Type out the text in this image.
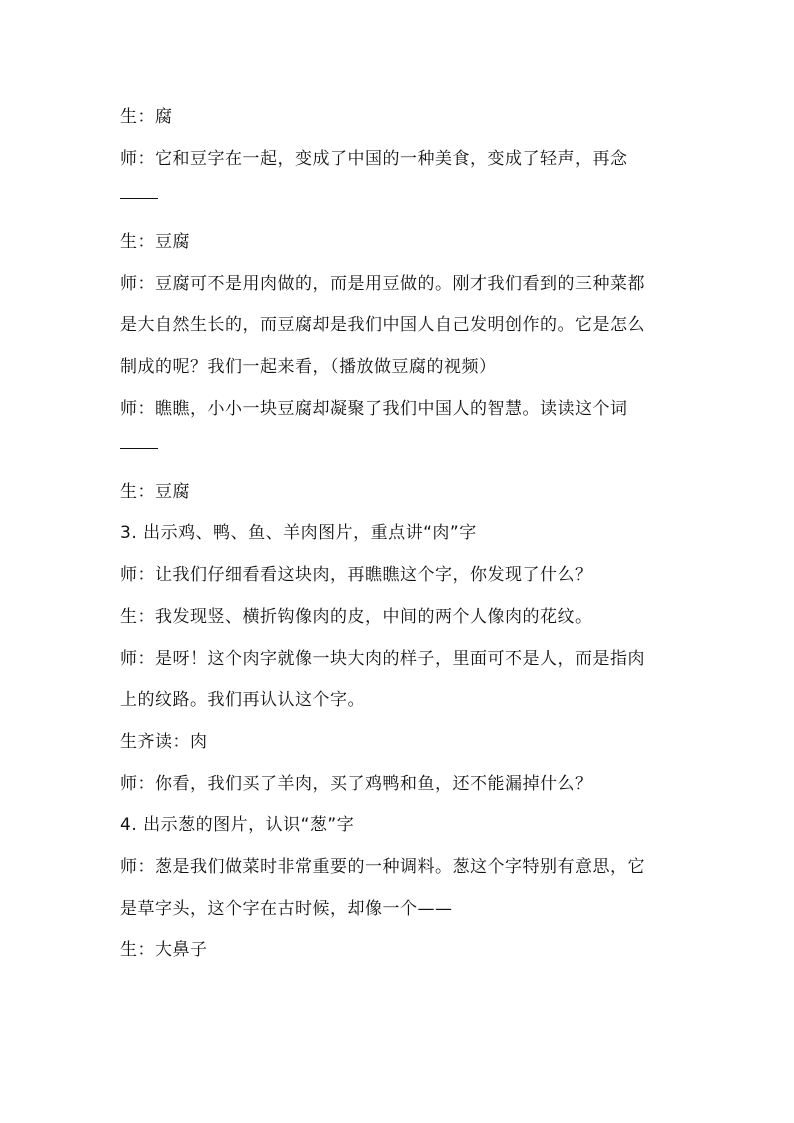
生：腐
师：它和豆字在一起，变成了中国的一种美食，变成了轻声，再念
生：豆腐
师：豆腐可不是用肉做的，而是用豆做的。刚才我们看到的三种菜都
是大自然生长的，而豆腐却是我们中国人自己发明创作的。它是怎么
制成的呢？我们一起来看，（播放做豆腐的视频）
师：瞧瞧，小小一块豆腐却凝聚了我们中国人的智慧。读读这个词
生：豆腐
3. 出示鸡、鸭、鱼、羊肉图片，重点讲“肉”字
师：让我们仔细看看这块肉，再瞧瞧这个字，你发现了什么？
生：我发现竖、横折钩像肉的皮，中间的两个人像肉的花纹。
师：是呀！这个肉字就像一块大肉的样子，里面可不是人，而是指肉
上的纹路。我们再认认这个字。
生齐读：肉
师：你看，我们买了羊肉，买了鸡鸭和鱼，还不能漏掉什么？
4. 出示葱的图片，认识“葱”字
师：葱是我们做菜时非常重要的一种调料。葱这个字特别有意思，它
是草字头，这个字在古时候，却像一个——
生：大鼻子
